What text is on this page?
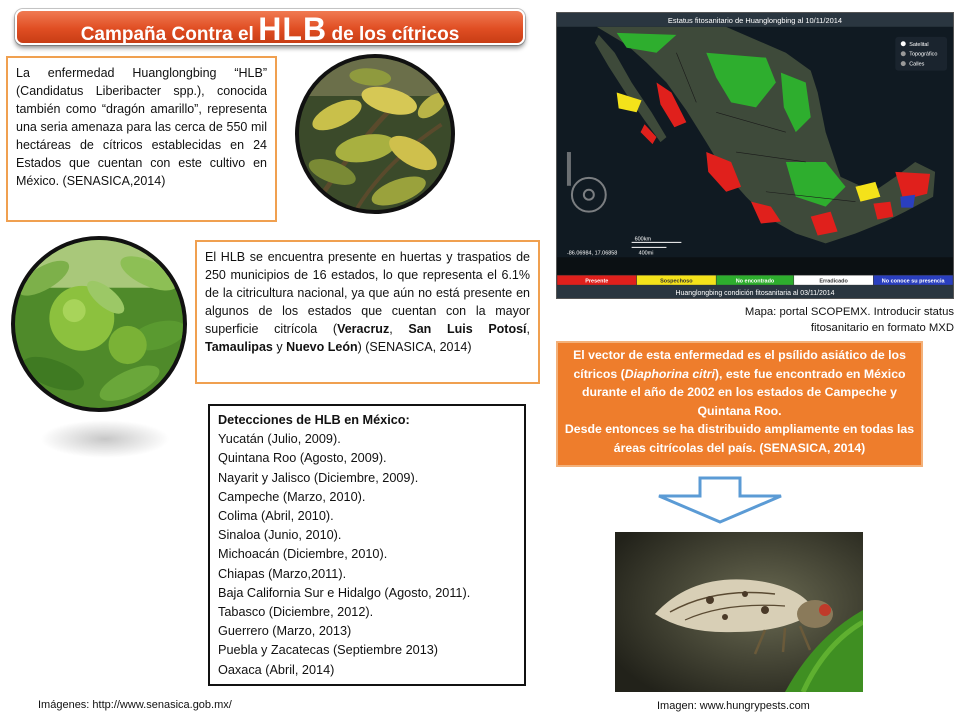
Campaña Contra el HLB de los cítricos
La enfermedad Huanglongbing “HLB” (Candidatus Liberibacter spp.), conocida también como “dragón amarillo”, representa una seria amenaza para las cerca de 550 mil hectáreas de cítricos establecidas en 24 Estados que cuentan con este cultivo en México. (SENASICA,2014)
El HLB se encuentra presente en huertas y traspatios de 250 municipios de 16 estados, lo que representa el 6.1% de la citricultura nacional, ya que aún no está presente en algunos de los estados que cuentan con la mayor superficie citrícola (Veracruz, San Luis Potosí, Tamaulipas y Nuevo León) (SENASICA, 2014)
Detecciones de HLB en México:
Yucatán (Julio, 2009).
Quintana Roo (Agosto, 2009).
Nayarit y Jalisco (Diciembre, 2009).
Campeche (Marzo, 2010).
Colima (Abril, 2010).
Sinaloa (Junio, 2010).
Michoacán (Diciembre, 2010).
Chiapas (Marzo,2011).
Baja California Sur e Hidalgo (Agosto, 2011).
Tabasco (Diciembre, 2012).
Guerrero (Marzo, 2013)
Puebla y Zacatecas (Septiembre 2013)
Oaxaca (Abril, 2014)
Estatus fitosanitario de Huanglongbing al 10/11/2014
Satelital
Topográfico
Calles
600km
400mi
-86.06984, 17.06858
Presente	Sospechoso	No encontrado	Erradicado	No conoce su presencia
Huanglongbing condición fitosanitaria al 03/11/2014
Mapa: portal SCOPEMX. Introducir status fitosanitario en formato MXD
El vector de esta enfermedad es el psílido asiático de los cítricos (Diaphorina citri), este fue encontrado en México durante el año de 2002 en los estados de Campeche y Quintana Roo.
Desde entonces se ha distribuido ampliamente en todas las áreas citrícolas del país. (SENASICA, 2014)
Imágenes: http://www.senasica.gob.mx/	Imagen: www.hungrypests.com
